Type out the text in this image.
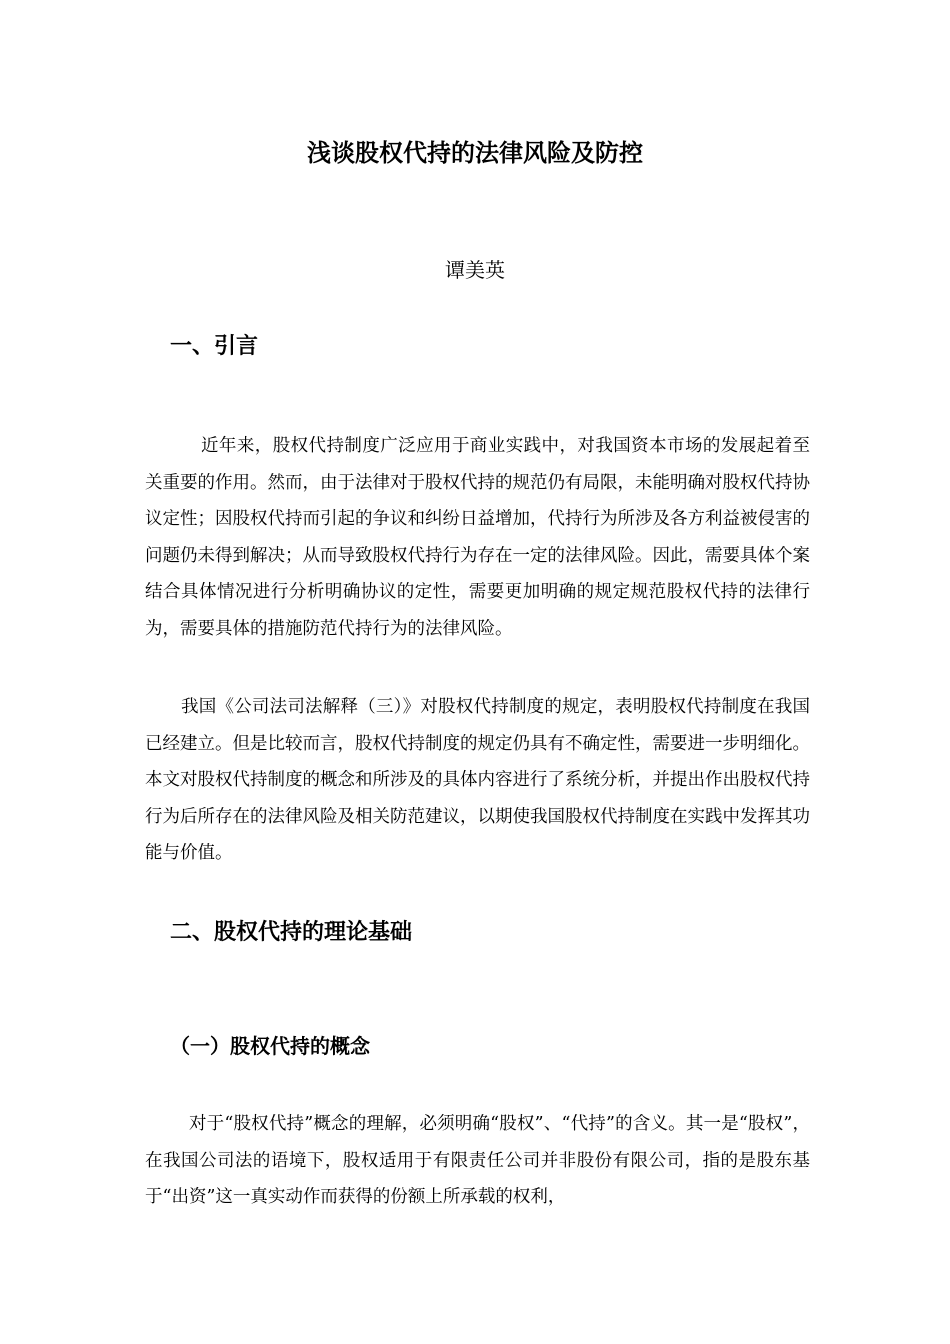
浅谈股权代持的法律风险及防控
谭美英
一、引言

近年来，股权代持制度广泛应用于商业实践中，对我国资本市场的发展起着至关重要的作用。然而，由于法律对于股权代持的规范仍有局限，未能明确对股权代持协议定性；因股权代持而引起的争议和纠纷日益增加，代持行为所涉及各方利益被侵害的问题仍未得到解决；从而导致股权代持行为存在一定的法律风险。因此，需要具体个案结合具体情况进行分析明确协议的定性，需要更加明确的规定规范股权代持的法律行为，需要具体的措施防范代持行为的法律风险。

我国《公司法司法解释（三）》对股权代持制度的规定，表明股权代持制度在我国已经建立。但是比较而言，股权代持制度的规定仍具有不确定性，需要进一步明细化。本文对股权代持制度的概念和所涉及的具体内容进行了系统分析，并提出作出股权代持行为后所存在的法律风险及相关防范建议，以期使我国股权代持制度在实践中发挥其功能与价值。

二、股权代持的理论基础
（一）股权代持的概念

对于“股权代持”概念的理解，必须明确“股权”、“代持”的含义。其一是“股权”，在我国公司法的语境下，股权适用于有限责任公司并非股份有限公司，指的是股东基于“出资”这一真实动作而获得的份额上所承载的权利，
